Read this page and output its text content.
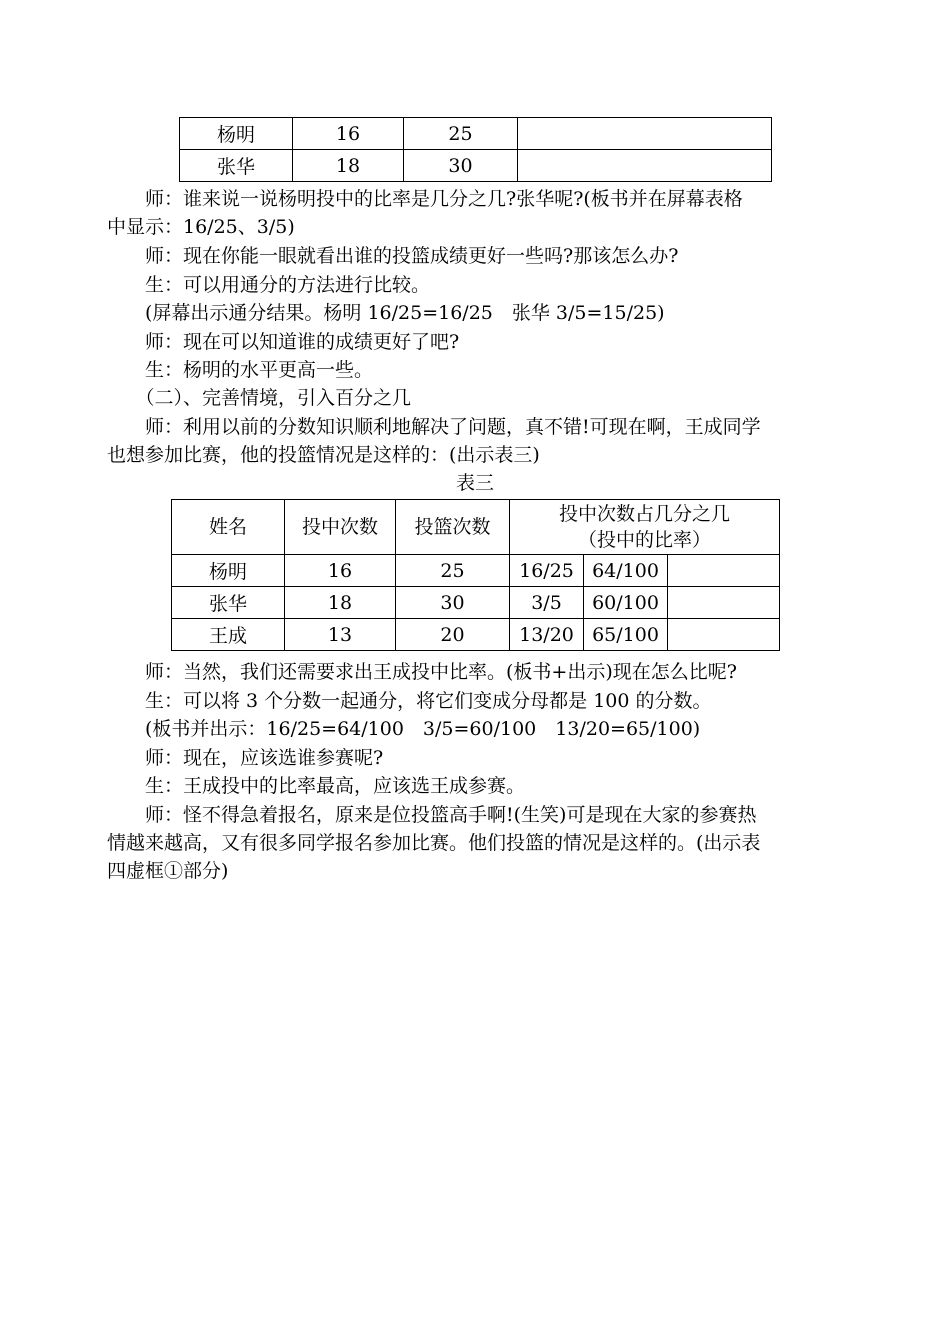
杨明	16	25	
张华	18	30	
　　师：谁来说一说杨明投中的比率是几分之几?张华呢?(板书并在屏幕表格
中显示：16/25、3/5)
　　师：现在你能一眼就看出谁的投篮成绩更好一些吗?那该怎么办?
　　生：可以用通分的方法进行比较。
　　(屏幕出示通分结果。杨明 16/25=16/25　张华 3/5=15/25)
　　师：现在可以知道谁的成绩更好了吧?
　　生：杨明的水平更高一些。
　　（二）、完善情境，引入百分之几
　　师：利用以前的分数知识顺利地解决了问题，真不错!可现在啊，王成同学
也想参加比赛，他的投篮情况是这样的：(出示表三)
表三
姓名	投中次数	投篮次数	投中次数占几分之几
（投中的比率）		

杨明	16	25	16/25	64/100	
张华	18	30	3/5	60/100	
王成	13	20	13/20	65/100	
　　师：当然，我们还需要求出王成投中比率。(板书+出示)现在怎么比呢?
　　生：可以将 3 个分数一起通分，将它们变成分母都是 100 的分数。
　　(板书并出示：16/25=64/100　3/5=60/100　13/20=65/100)
　　师：现在，应该选谁参赛呢?
　　生：王成投中的比率最高，应该选王成参赛。
　　师：怪不得急着报名，原来是位投篮高手啊!(生笑)可是现在大家的参赛热
情越来越高，又有很多同学报名参加比赛。他们投篮的情况是这样的。(出示表
四虚框①部分)
